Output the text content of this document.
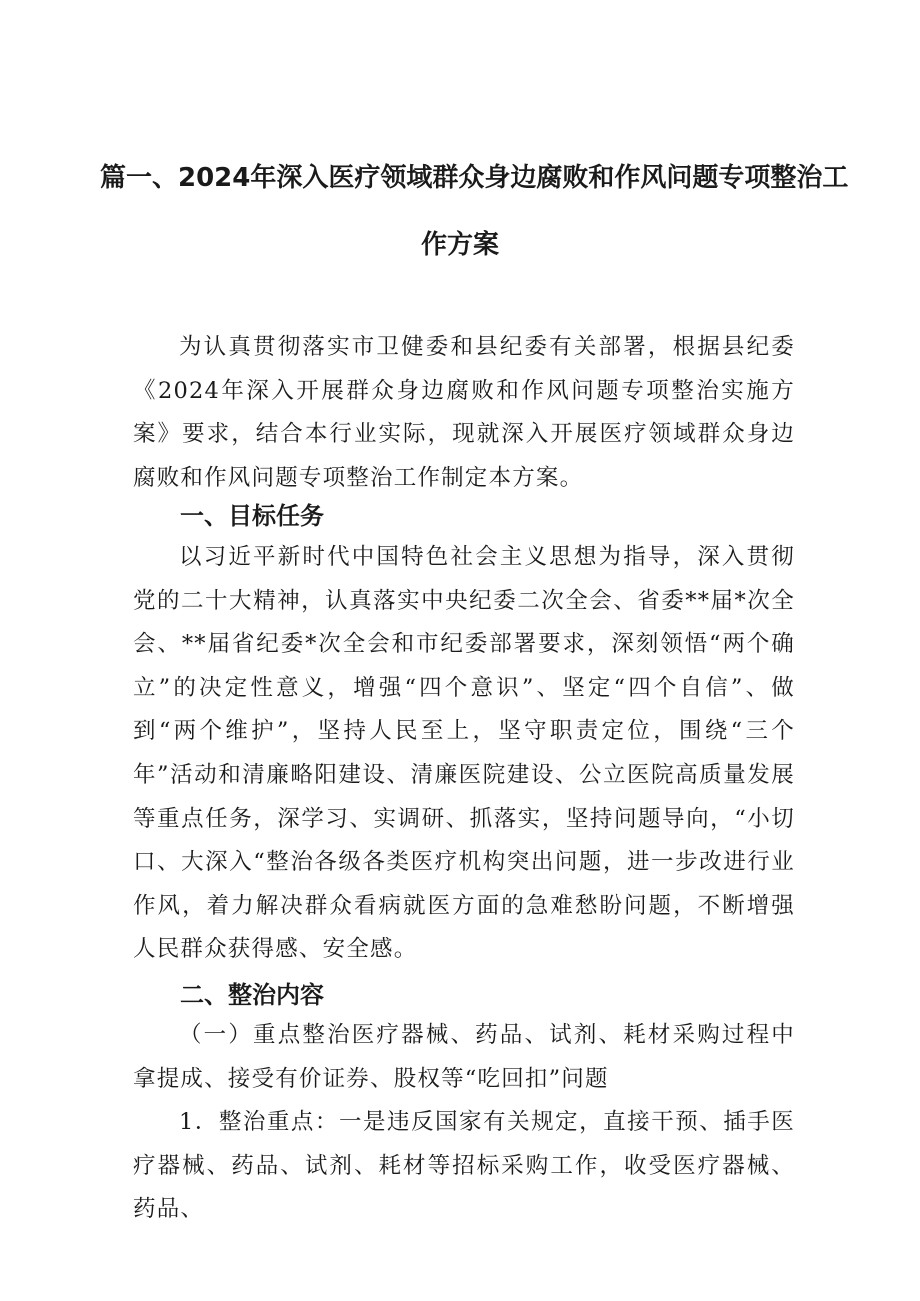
篇一、2024年深入医疗领域群众身边腐败和作风问题专项整治工
作方案

为认真贯彻落实市卫健委和县纪委有关部署，根据县纪委《2024年深入开展群众身边腐败和作风问题专项整治实施方案》要求，结合本行业实际，现就深入开展医疗领域群众身边腐败和作风问题专项整治工作制定本方案。

一、目标任务

以习近平新时代中国特色社会主义思想为指导，深入贯彻党的二十大精神，认真落实中央纪委二次全会、省委**届*次全会、**届省纪委*次全会和市纪委部署要求，深刻领悟“两个确立”的决定性意义，增强“四个意识”、坚定“四个自信”、做到“两个维护”，坚持人民至上，坚守职责定位，围绕“三个年”活动和清廉略阳建设、清廉医院建设、公立医院高质量发展等重点任务，深学习、实调研、抓落实，坚持问题导向，“小切口、大深入“整治各级各类医疗机构突出问题，进一步改进行业作风，着力解决群众看病就医方面的急难愁盼问题，不断增强人民群众获得感、安全感。

二、整治内容

（一）重点整治医疗器械、药品、试剂、耗材采购过程中拿提成、接受有价证券、股权等“吃回扣”问题

1．整治重点：一是违反国家有关规定，直接干预、插手医疗器械、药品、试剂、耗材等招标采购工作，收受医疗器械、药品、
